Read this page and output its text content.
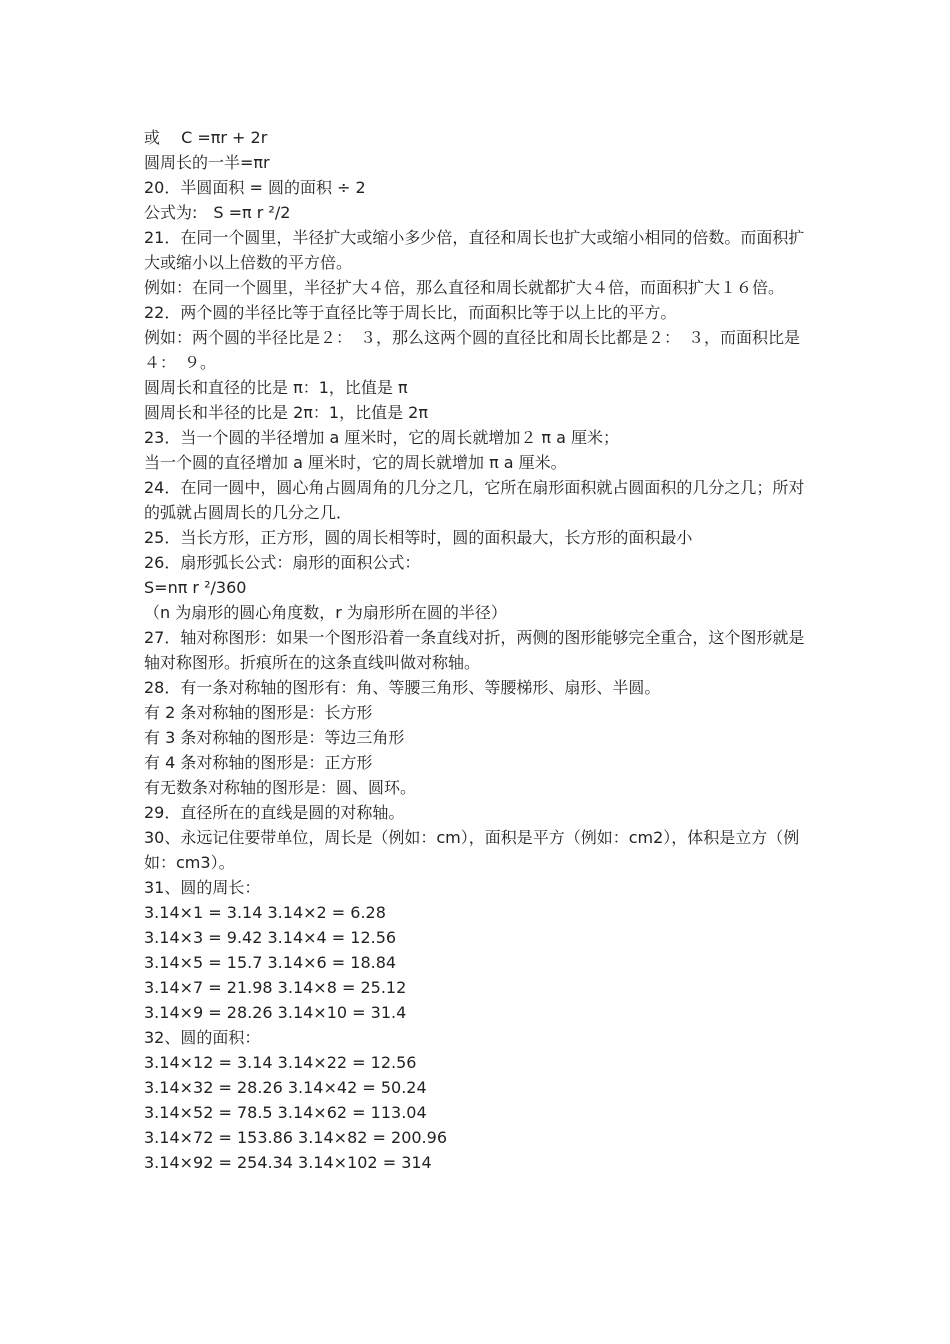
或　 C =πr + 2r
圆周长的一半=πr
20．半圆面积 = 圆的面积 ÷ 2
公式为:　S =π r ²/2
21．在同一个圆里，半径扩大或缩小多少倍，直径和周长也扩大或缩小相同的倍数。而面积扩大或缩小以上倍数的平方倍。
例如：在同一个圆里，半径扩大４倍，那么直径和周长就都扩大４倍，而面积扩大１６倍。
22．两个圆的半径比等于直径比等于周长比，而面积比等于以上比的平方。
例如：两个圆的半径比是２：　３，那么这两个圆的直径比和周长比都是２：　３，而面积比是４：　９。
圆周长和直径的比是 π：1，比值是 π
圆周长和半径的比是 2π：1，比值是 2π
23．当一个圆的半径增加 a 厘米时，它的周长就增加２ π a 厘米；
当一个圆的直径增加 a 厘米时，它的周长就增加 π a 厘米。
24．在同一圆中，圆心角占圆周角的几分之几，它所在扇形面积就占圆面积的几分之几；所对的弧就占圆周长的几分之几．
25．当长方形，正方形，圆的周长相等时，圆的面积最大，长方形的面积最小
26．扇形弧长公式：扇形的面积公式：
S=nπ r ²/360
（n 为扇形的圆心角度数，r 为扇形所在圆的半径）
27．轴对称图形：如果一个图形沿着一条直线对折，两侧的图形能够完全重合，这个图形就是轴对称图形。折痕所在的这条直线叫做对称轴。
28．有一条对称轴的图形有：角、等腰三角形、等腰梯形、扇形、半圆。
有 2 条对称轴的图形是：长方形
有 3 条对称轴的图形是：等边三角形
有 4 条对称轴的图形是：正方形
有无数条对称轴的图形是：圆、圆环。
29．直径所在的直线是圆的对称轴。
30、永远记住要带单位，周长是（例如：cm），面积是平方（例如：cm2），体积是立方（例如：cm3）。
31、圆的周长：
3.14×1 = 3.14 3.14×2 = 6.28
3.14×3 = 9.42 3.14×4 = 12.56
3.14×5 = 15.7 3.14×6 = 18.84
3.14×7 = 21.98 3.14×8 = 25.12
3.14×9 = 28.26 3.14×10 = 31.4
32、圆的面积：
3.14×12 = 3.14 3.14×22 = 12.56
3.14×32 = 28.26 3.14×42 = 50.24
3.14×52 = 78.5 3.14×62 = 113.04
3.14×72 = 153.86 3.14×82 = 200.96
3.14×92 = 254.34 3.14×102 = 314
